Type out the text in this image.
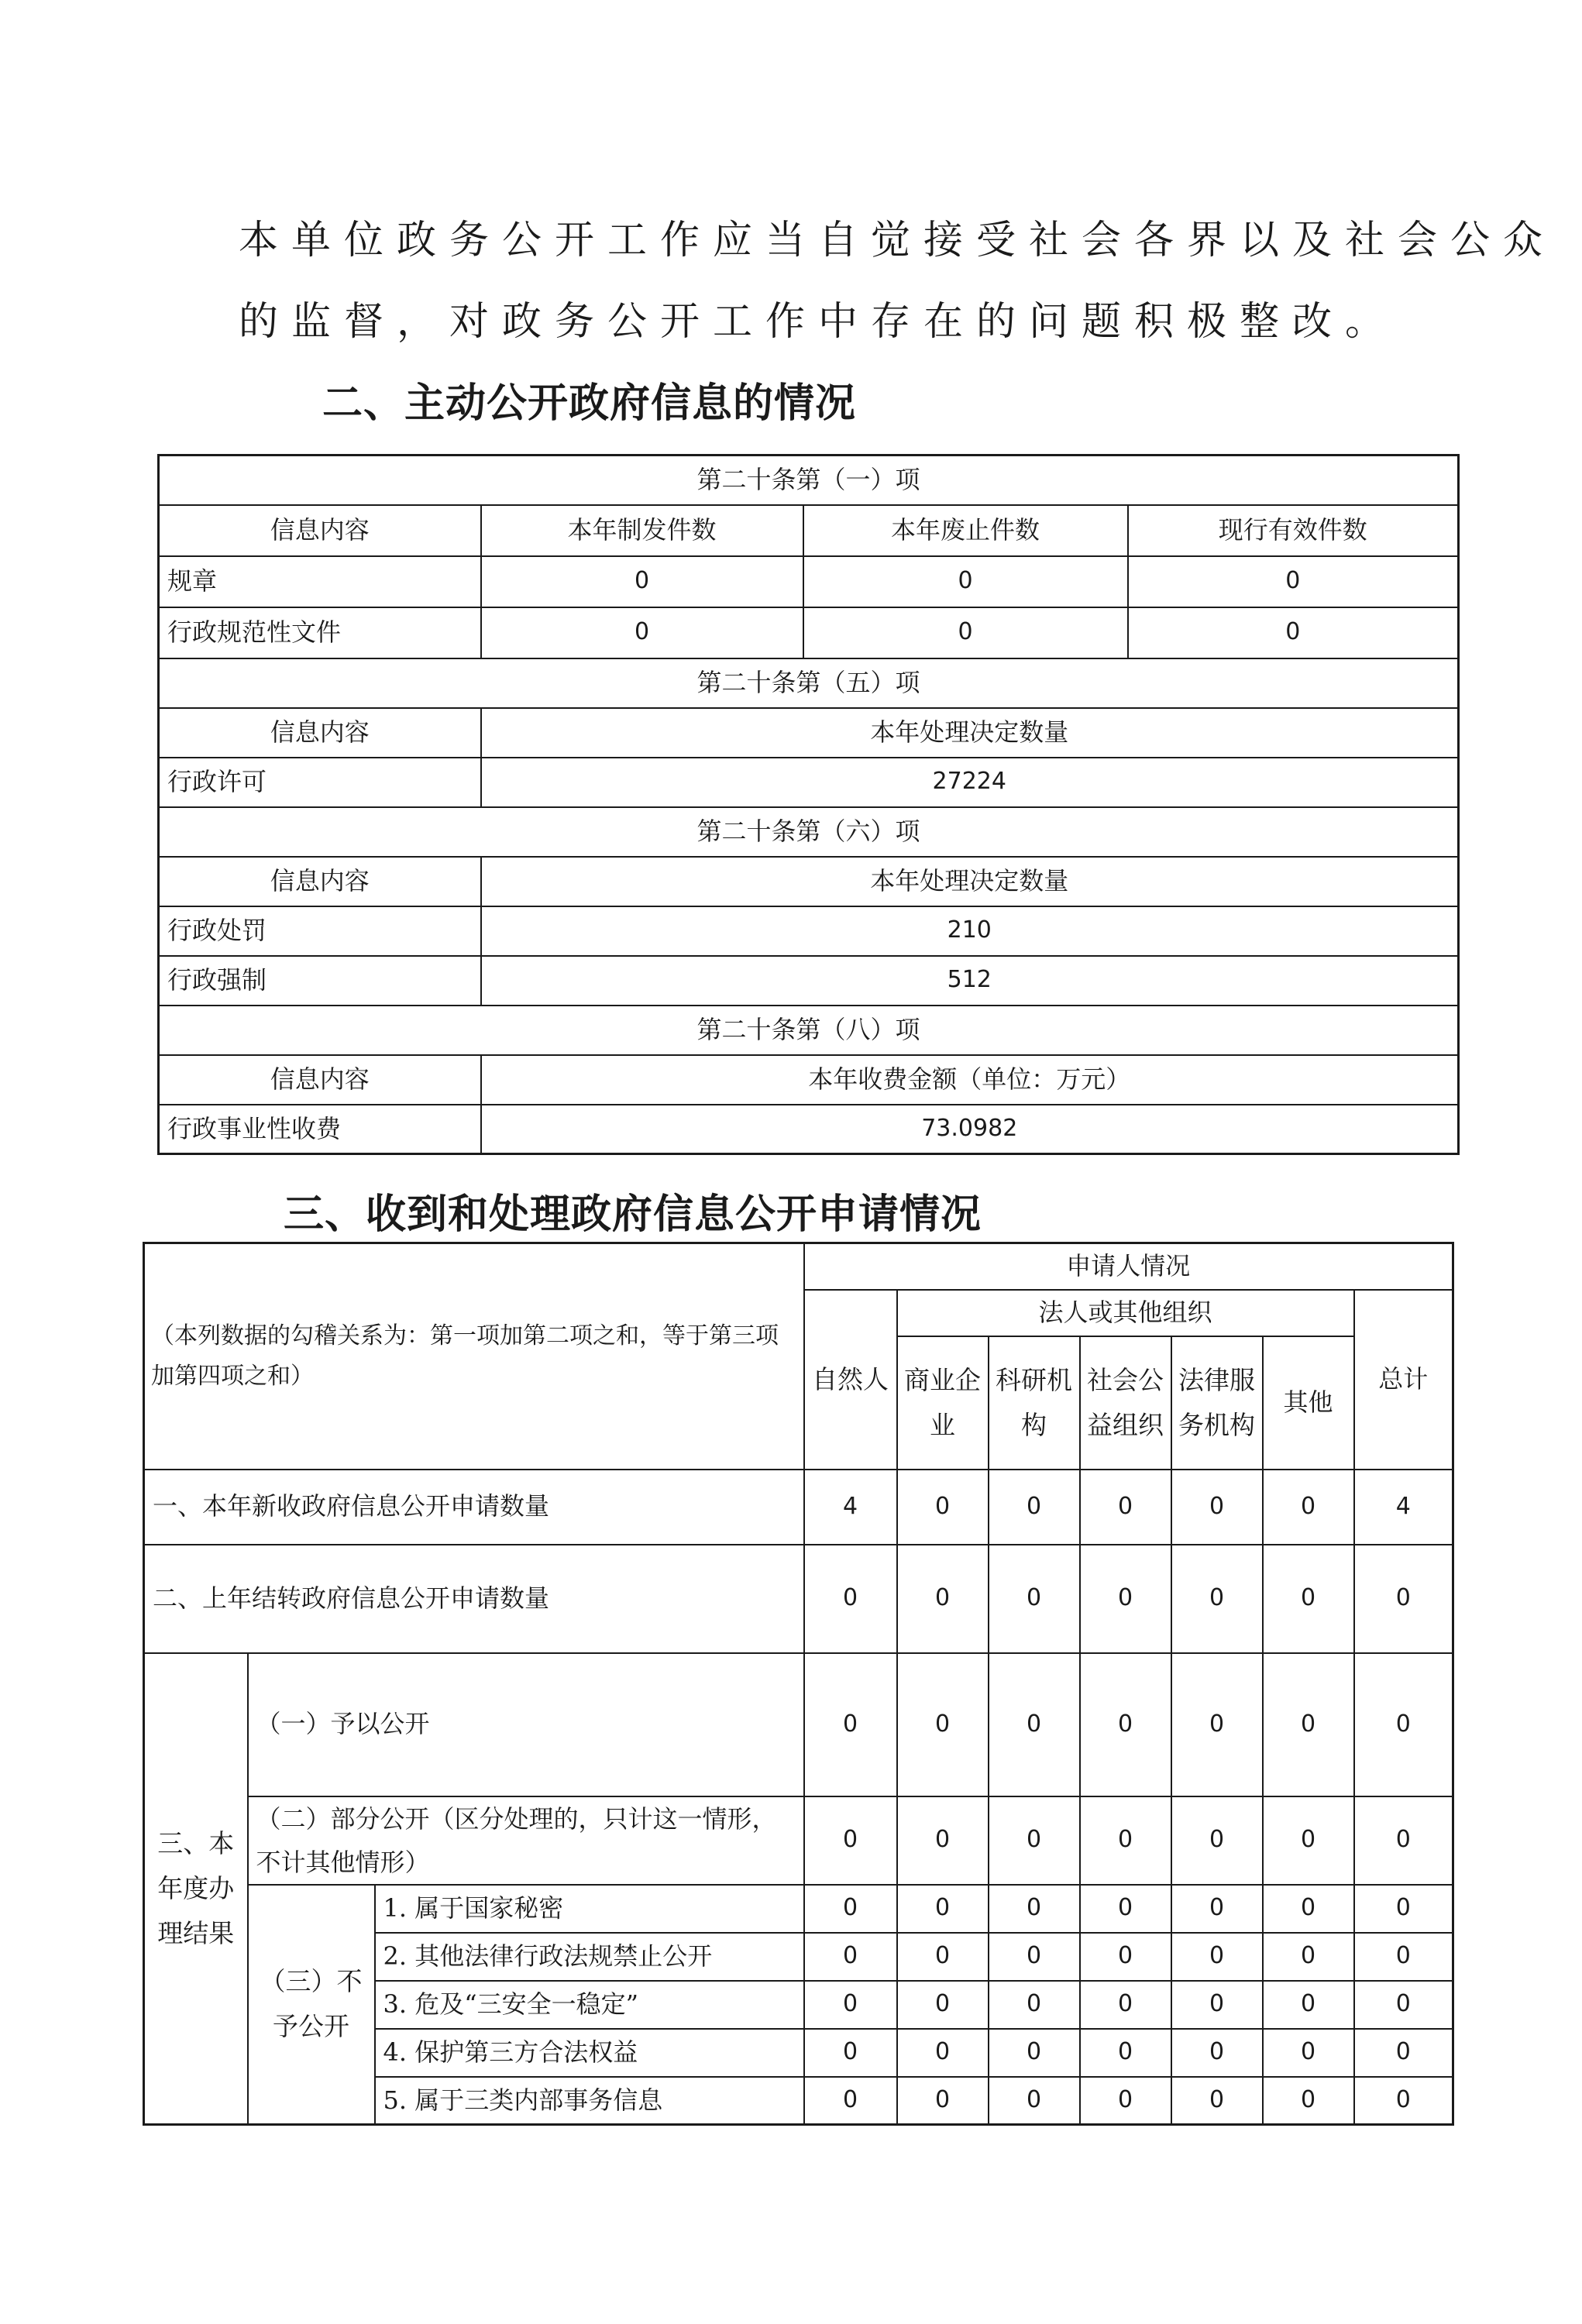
本单位政务公开工作应当自觉接受社会各界以及社会公众
的监督，对政务公开工作中存在的问题积极整改。
二、主动公开政府信息的情况
第二十条第（一）项			
信息内容	本年制发件数	本年废止件数	现行有效件数
规章	0	0	0
行政规范性文件	0	0	0
第二十条第（五）项			
信息内容	本年处理决定数量		
行政许可	27224		
第二十条第（六）项			
信息内容	本年处理决定数量		
行政处罚	210		
行政强制	512		
第二十条第（八）项			
信息内容	本年收费金额（单位：万元）		
行政事业性收费	73.0982		
三、收到和处理政府信息公开申请情况
（本列数据的勾稽关系为：第一项加第二项之和，等于第三项加第四项之和）			申请人情况						
			自然人	法人或其他组织					总计
				商业企业	科研机构	社会公益组织	法律服务机构	其他	
一、本年新收政府信息公开申请数量			4	0	0	0	0	0	4
二、上年结转政府信息公开申请数量			0	0	0	0	0	0	0
三、本年度办理结果	（一）予以公开		0	0	0	0	0	0	0
	（二）部分公开（区分处理的，只计这一情形，不计其他情形）		0	0	0	0	0	0	0
	（三）不予公开	1. 属于国家秘密	0	0	0	0	0	0	0
		2. 其他法律行政法规禁止公开	0	0	0	0	0	0	0
		3. 危及“三安全一稳定”	0	0	0	0	0	0	0
		4. 保护第三方合法权益	0	0	0	0	0	0	0
		5. 属于三类内部事务信息	0	0	0	0	0	0	0
